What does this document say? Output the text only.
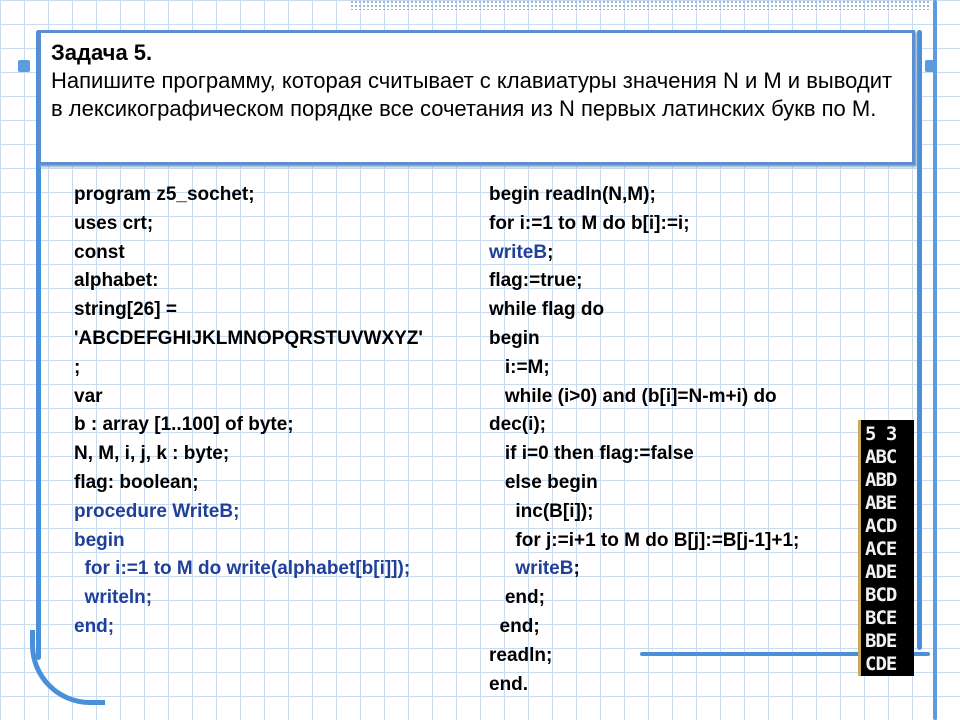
Задача 5.
Напишите программу, которая считывает с клавиатуры значения N и M и выводит в лексикографическом порядке все сочетания из N первых латинских букв по M.
program z5_sochet;
uses crt;
const
alphabet:
string[26] =
'ABCDEFGHIJKLMNOPQRSTUVWXYZ'
;
var
b : array [1..100] of byte;
N, M, i, j, k : byte;
flag: boolean;
procedure WriteB;
begin
for i:=1 to M do write(alphabet[b[i]]);
writeln;
end;
begin readln(N,M);
for i:=1 to M do b[i]:=i;
writeB;
flag:=true;
while flag do
begin
i:=M;
while (i>0) and (b[i]=N-m+i) do
dec(i);
if i=0 then flag:=false
else begin
inc(B[i]);
for j:=i+1 to M do B[j]:=B[j-1]+1;
writeB;
end;
end;
readln;
end.
5 3
ABC
ABD
ABE
ACD
ACE
ADE
BCD
BCE
BDE
CDE
